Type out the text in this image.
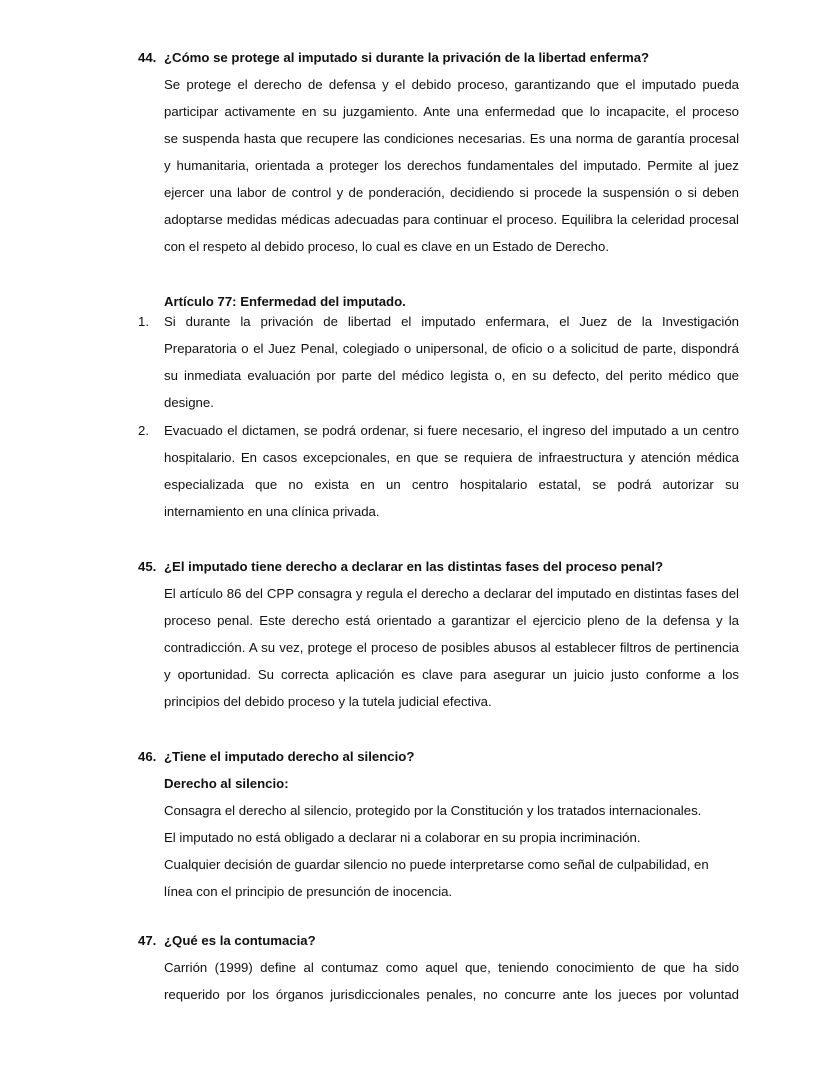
44. ¿Cómo se protege al imputado si durante la privación de la libertad enferma?
Se protege el derecho de defensa y el debido proceso, garantizando que el imputado pueda
participar activamente en su juzgamiento. Ante una enfermedad que lo incapacite, el proceso
se suspenda hasta que recupere las condiciones necesarias. Es una norma de garantía procesal
y humanitaria, orientada a proteger los derechos fundamentales del imputado. Permite al juez
ejercer una labor de control y de ponderación, decidiendo si procede la suspensión o si deben
adoptarse medidas médicas adecuadas para continuar el proceso. Equilibra la celeridad procesal
con el respeto al debido proceso, lo cual es clave en un Estado de Derecho.
Artículo 77: Enfermedad del imputado.
1. Si durante la privación de libertad el imputado enfermara, el Juez de la Investigación
Preparatoria o el Juez Penal, colegiado o unipersonal, de oficio o a solicitud de parte, dispondrá
su inmediata evaluación por parte del médico legista o, en su defecto, del perito médico que
designe.
2. Evacuado el dictamen, se podrá ordenar, si fuere necesario, el ingreso del imputado a un centro
hospitalario. En casos excepcionales, en que se requiera de infraestructura y atención médica
especializada que no exista en un centro hospitalario estatal, se podrá autorizar su
internamiento en una clínica privada.
45. ¿El imputado tiene derecho a declarar en las distintas fases del proceso penal?
El artículo 86 del CPP consagra y regula el derecho a declarar del imputado en distintas fases del
proceso penal. Este derecho está orientado a garantizar el ejercicio pleno de la defensa y la
contradicción. A su vez, protege el proceso de posibles abusos al establecer filtros de pertinencia
y oportunidad. Su correcta aplicación es clave para asegurar un juicio justo conforme a los
principios del debido proceso y la tutela judicial efectiva.
46. ¿Tiene el imputado derecho al silencio?
Derecho al silencio:
Consagra el derecho al silencio, protegido por la Constitución y los tratados internacionales.
El imputado no está obligado a declarar ni a colaborar en su propia incriminación.
Cualquier decisión de guardar silencio no puede interpretarse como señal de culpabilidad, en
línea con el principio de presunción de inocencia.
47. ¿Qué es la contumacia?
Carrión (1999) define al contumaz como aquel que, teniendo conocimiento de que ha sido
requerido por los órganos jurisdiccionales penales, no concurre ante los jueces por voluntad
